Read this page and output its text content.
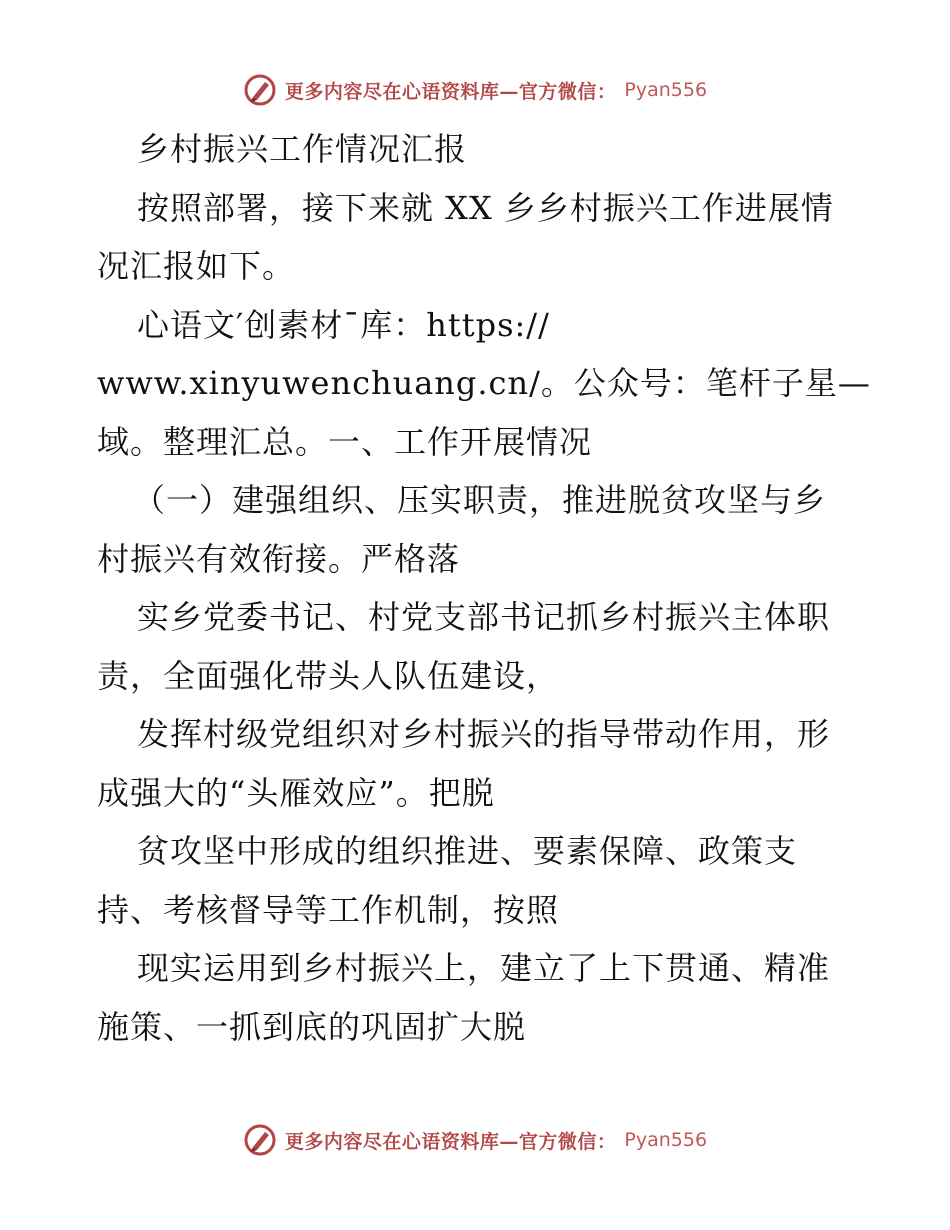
更多内容尽在心语资料库—官方微信： Pyan556
乡村振兴工作情况汇报
按照部署，接下来就 XX 乡乡村振兴工作进展情
况汇报如下。
心语文′创素材¯库：https://
www.xinyuwenchuang.cn/。公众号：笔杆子星—
域。整理汇总。一、工作开展情况
（一）建强组织、压实职责，推进脱贫攻坚与乡
村振兴有效衔接。严格落
实乡党委书记、村党支部书记抓乡村振兴主体职
责，全面强化带头人队伍建设，
发挥村级党组织对乡村振兴的指导带动作用，形
成强大的“头雁效应”。把脱
贫攻坚中形成的组织推进、要素保障、政策支
持、考核督导等工作机制，按照
现实运用到乡村振兴上，建立了上下贯通、精准
施策、一抓到底的巩固扩大脱
更多内容尽在心语资料库—官方微信： Pyan556
